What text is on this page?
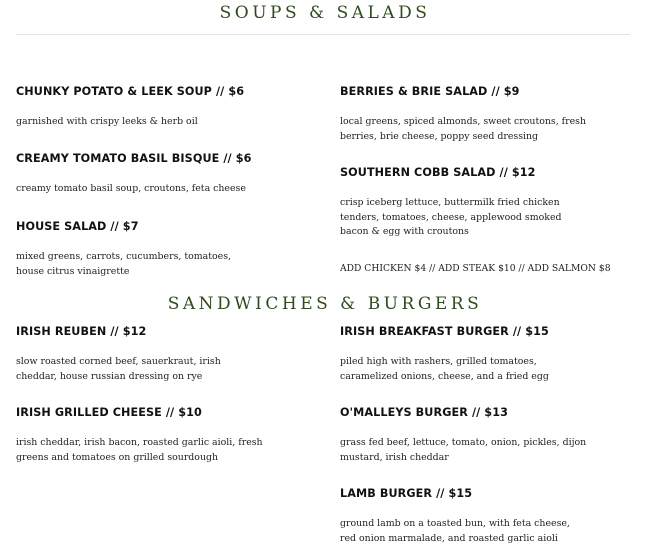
SOUPS & SALADS
CHUNKY POTATO & LEEK SOUP // $6
garnished with crispy leeks & herb oil
CREAMY TOMATO BASIL BISQUE // $6
creamy tomato basil soup, croutons, feta cheese
HOUSE SALAD // $7
mixed greens, carrots, cucumbers, tomatoes,
house citrus vinaigrette
BERRIES & BRIE SALAD // $9
local greens, spiced almonds, sweet croutons, fresh
berries, brie cheese, poppy seed dressing
SOUTHERN COBB SALAD // $12
crisp iceberg lettuce, buttermilk fried chicken
tenders, tomatoes, cheese, applewood smoked
bacon & egg with croutons
ADD CHICKEN $4 // ADD STEAK $10 // ADD SALMON $8
SANDWICHES & BURGERS
IRISH REUBEN // $12
slow roasted corned beef, sauerkraut, irish
cheddar, house russian dressing on rye
IRISH GRILLED CHEESE // $10
irish cheddar, irish bacon, roasted garlic aioli, fresh
greens and tomatoes on grilled sourdough
IRISH BREAKFAST BURGER // $15
piled high with rashers, grilled tomatoes,
caramelized onions, cheese, and a fried egg
O'MALLEYS BURGER // $13
grass fed beef, lettuce, tomato, onion, pickles, dijon
mustard, irish cheddar
LAMB BURGER // $15
ground lamb on a toasted bun, with feta cheese,
red onion marmalade, and roasted garlic aioli
